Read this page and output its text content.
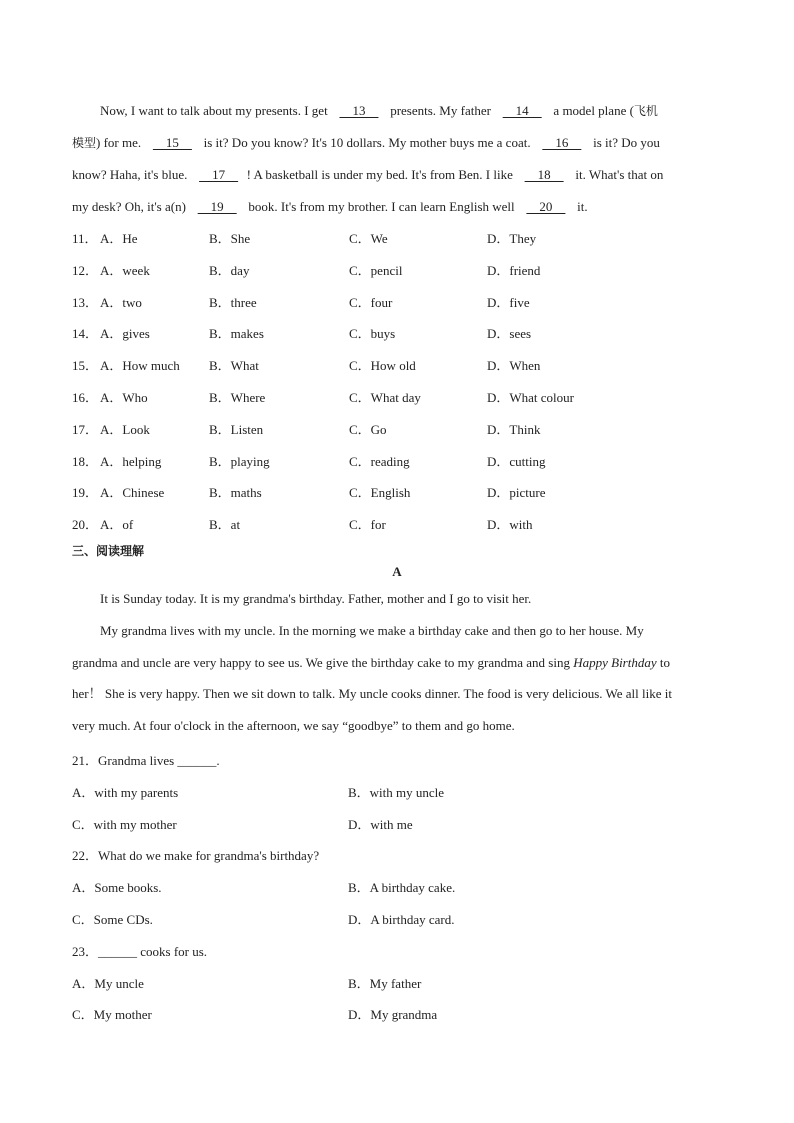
Now, I want to talk about my presents. I get     13     presents. My father     14     a model plane (飞机
模型) for me.     15     is it? Do you know? It's 10 dollars. My mother buys me a coat.     16     is it? Do you
know? Haha, it's blue.     17    ! A basketball is under my bed. It's from Ben. I like     18     it. What's that on
my desk? Oh, it's a(n)     19     book. It's from my brother. I can learn English well     20     it.
11． A．He	B．She	C．We	D．They
12． A．week	B．day	C．pencil	D．friend
13． A．two	B．three	C．four	D．five
14． A．gives	B．makes	C．buys	D．sees
15． A．How much B．What	C．How old	D．When
16． A．Who	B．Where	C．What day	D．What colour
17． A．Look	B．Listen	C．Go	D．Think
18． A．helping	B．playing	C．reading	D．cutting
19． A．Chinese	B．maths	C．English	D．picture
20． A．of	B．at	C．for	D．with
三、阅读理解
A
It is Sunday today. It is my grandma's birthday. Father, mother and I go to visit her.
My grandma lives with my uncle. In the morning we make a birthday cake and then go to her house. My
grandma and uncle are very happy to see us. We give the birthday cake to my grandma and sing Happy Birthday to
her！ She is very happy. Then we sit down to talk. My uncle cooks dinner. The food is very delicious. We all like it
very much. At four o'clock in the afternoon, we say “goodbye” to them and go home.
21．Grandma lives ______.
A．with my parents	B．with my uncle
C．with my mother	D．with me
22．What do we make for grandma's birthday?
A．Some books.	B．A birthday cake.
C．Some CDs.	D．A birthday card.
23．______ cooks for us.
A．My uncle	B．My father
C．My mother	D．My grandma
